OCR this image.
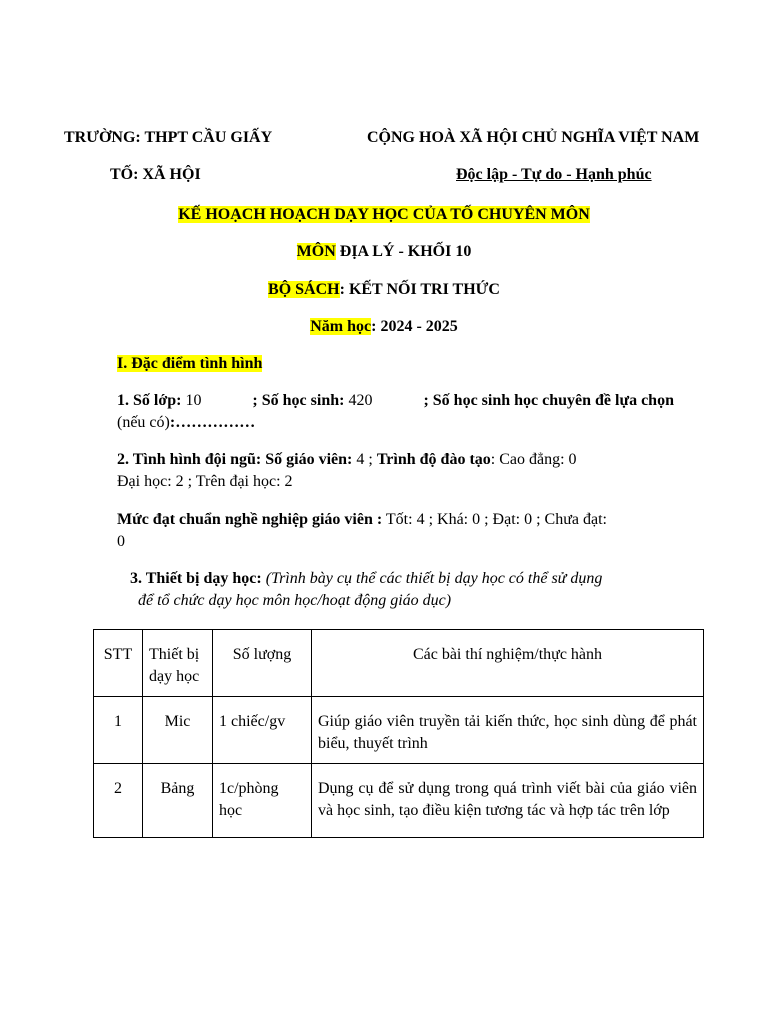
TRƯỜNG: THPT CẦU GIẤY	CỘNG HOÀ XÃ HỘI CHỦ NGHĨA VIỆT NAM
TỐ: XÃ HỘI	Độc lập - Tự do - Hạnh phúc
KẾ HOẠCH HOẠCH DẠY HỌC CỦA TỐ CHUYÊN MÔN
MÔN ĐỊA LÝ - KHỐI 10
BỘ SÁCH: KẾT NỐI TRI THỨC
Năm học: 2024 - 2025
I. Đặc điểm tình hình
1. Số lớp: 10	; Số học sinh: 420	; Số học sinh học chuyên đề lựa chọn
(nếu có):……………
2. Tình hình đội ngũ: Số giáo viên: 4 ; Trình độ đào tạo: Cao đẳng: 0
Đại học: 2 ; Trên đại học: 2
Mức đạt chuẩn nghề nghiệp giáo viên : Tốt: 4 ; Khá: 0 ; Đạt: 0 ; Chưa đạt:
0
3. Thiết bị dạy học: (Trình bày cụ thể các thiết bị dạy học có thể sử dụng
để tổ chức dạy học môn học/hoạt động giáo dục)
STT	Thiết bị dạy học	Số lượng	Các bài thí nghiệm/thực hành
1	Mic	1 chiếc/gv	Giúp giáo viên truyền tải kiến thức, học sinh dùng để phát biểu, thuyết trình
2	Bảng	1c/phòng học	Dụng cụ để sử dụng trong quá trình viết bài của giáo viên và học sinh, tạo điều kiện tương tác và hợp tác trên lớp
